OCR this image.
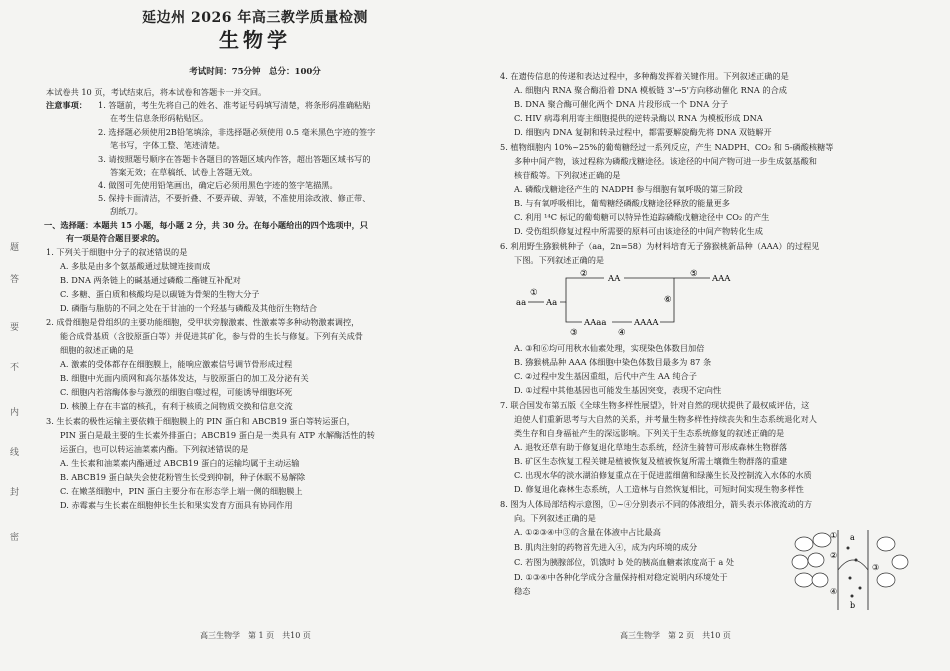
题
答
要
不
内
线
封
密
延边州 2026 年高三教学质量检测
生物学
考试时间：75分钟　总分：100分
本试卷共 10 页，考试结束后，将本试卷和答题卡一并交回。
注意事项： 1. 答题前，考生先将自己的姓名、准考证号码填写清楚，将条形码准确粘贴
在考生信息条形码粘贴区。
2. 选择题必须使用2B铅笔填涂，非选择题必须使用 0.5 毫米黑色字迹的签字
笔书写，字体工整、笔迹清楚。
3. 请按照题号顺序在答题卡各题目的答题区域内作答，超出答题区域书写的
答案无效；在草稿纸、试卷上答题无效。
4. 做图可先使用铅笔画出，确定后必须用黑色字迹的签字笔描黑。
5. 保持卡面清洁，不要折叠、不要弄破、弄皱，不准使用涂改液、修正带、
刮纸刀。
一、选择题：本题共 15 小题，每小题 2 分，共 30 分。在每小题给出的四个选项中，只
有一项是符合题目要求的。
1. 下列关于细胞中分子的叙述错误的是
A. 多肽是由多个氨基酸通过肽键连接而成
B. DNA 两条链上的碱基通过磷酸二酯键互补配对
C. 多糖、蛋白质和核酸均是以碳链为骨架的生物大分子
D. 磷脂与脂肪的不同之处在于甘油的一个羟基与磷酸及其他衍生物结合
2. 成骨细胞是骨组织的主要功能细胞，受甲状旁腺激素、性激素等多种动物激素调控，
能合成骨基质（含胶原蛋白等）并促进其矿化，参与骨的生长与修复。下列有关成骨
细胞的叙述正确的是
A. 激素的受体都存在细胞膜上，能响应激素信号调节骨形成过程
B. 细胞中光面内质网和高尔基体发达，与胶原蛋白的加工及分泌有关
C. 细胞内若溶酶体参与激烈的细胞自噬过程，可能诱导细胞坏死
D. 核膜上存在丰富的核孔，有利于核质之间物质交换和信息交流
3. 生长素的极性运输主要依赖于细胞膜上的 PIN 蛋白和 ABCB19 蛋白等转运蛋白，
PIN 蛋白是最主要的生长素外排蛋白；ABCB19 蛋白是一类具有 ATP 水解酶活性的转
运蛋白，也可以转运油菜素内酯。下列叙述错误的是
A. 生长素和油菜素内酯通过 ABCB19 蛋白的运输均属于主动运输
B. ABCB19 蛋白缺失会使花粉管生长受到抑制，种子休眠不易解除
C. 在嫩茎细胞中，PIN 蛋白主要分布在形态学上端一侧的细胞膜上
D. 赤霉素与生长素在细胞伸长生长和果实发育方面具有协同作用
高三生物学　第 1 页　共10 页
4. 在遗传信息的传递和表达过程中，多种酶发挥着关键作用。下列叙述正确的是
A. 细胞内 RNA 聚合酶沿着 DNA 模板链 3'→5'方向移动催化 RNA 的合成
B. DNA 聚合酶可催化两个 DNA 片段形成一个 DNA 分子
C. HIV 病毒利用寄主细胞提供的逆转录酶以 RNA 为模板形成 DNA
D. 细胞内 DNA 复制和转录过程中，都需要解旋酶先将 DNA 双链解开
5. 植物细胞内 10%~25%的葡萄糖经过一系列反应，产生 NADPH、CO₂ 和 5-磷酸核糖等
多种中间产物，该过程称为磷酸戊糖途径。该途径的中间产物可进一步生成氨基酸和
核苷酸等。下列叙述正确的是
A. 磷酸戊糖途径产生的 NADPH 参与细胞有氧呼吸的第三阶段
B. 与有氧呼吸相比，葡萄糖经磷酸戊糖途径释放的能量更多
C. 利用 ¹⁴C 标记的葡萄糖可以特异性追踪磷酸戊糖途径中 CO₂ 的产生
D. 受伤组织修复过程中所需要的原料可由该途径的中间产物转化生成
6. 利用野生猕猴桃种子（aa，2n=58）为材料培育无子猕猴桃新品种（AAA）的过程见
下图。下列叙述正确的是
aa
①
Aa
② AA
③
AAaa	AAAA
④
⑥
⑤ AAA
A. ③和⑥均可用秋水仙素处理，实现染色体数目加倍
B. 猕猴桃品种 AAA 体细胞中染色体数目最多为 87 条
C. ②过程中发生基因重组，后代中产生 AA 纯合子
D. ①过程中其他基因也可能发生基因突变，表现不定向性
7. 联合国发布第五版《全球生物多样性展望》，针对自然的现状提供了最权威评估，这
迫使人们重新思考与大自然的关系，并考量生物多样性持续丧失和生态系统退化对人
类生存和自身福祉产生的深远影响。下列关于生态系统修复的叙述正确的是
A. 退牧还草有助于修复退化草地生态系统，经济生骑替可形成森林生物群落
B. 矿区生态恢复工程关键是植被恢复及植被恢复所需土壤微生物群落的重建
C. 出现水华的淡水湖泊修复重点在于促进蓝细菌和绿藻生长及控制流入水体的水质
D. 修复退化森林生态系统，人工造林与自然恢复相比，可短时间实现生物多样性
8. 图为人体局部结构示意图，①~④分别表示不同的体液组分，箭头表示体液流动的方
向。下列叙述正确的是
A. ①②③④中③的含量在体液中占比最高
B. 肌肉注射的药物首先进入④，成为内环境的成分
C. 若图为胰腺部位，饥饿时 b 处的胰高血糖素浓度高于 a 处
D. ①③④中各种化学成分含量保持相对稳定说明内环境处于
稳态
①
②
③
④
a
b
高三生物学　第 2 页　共10 页
